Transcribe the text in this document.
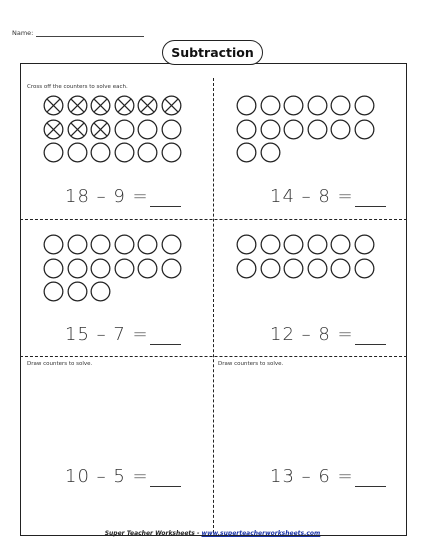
Name:
Subtraction
Cross off the counters to solve each.
18 – 9 =	14 – 8 =
15 – 7 =	12 – 8 =
Draw counters to solve.
10 – 5 =
Draw counters to solve.
13 – 6 =
Super Teacher Worksheets - www.superteacherworksheets.com
